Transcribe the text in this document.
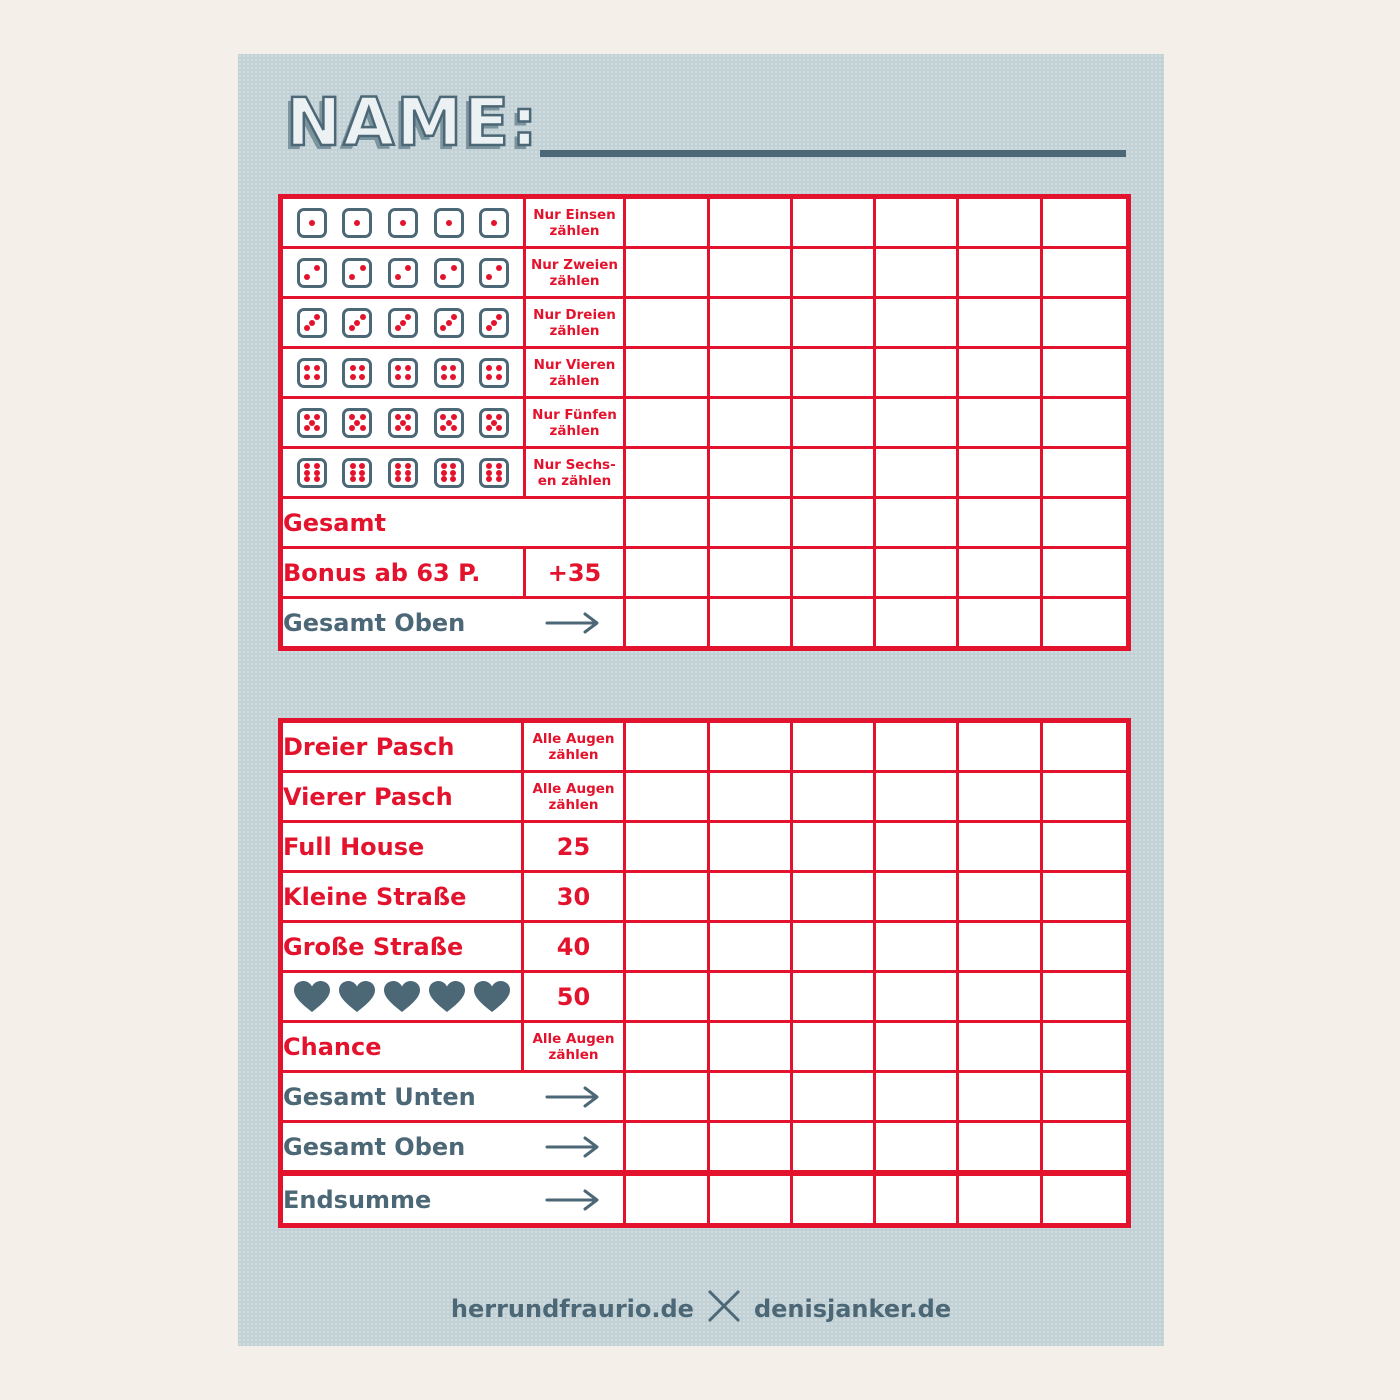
NAME:
	Nur Einsen zählen						

	Nur Zweien zählen						

	Nur Dreien zählen						

	Nur Vieren zählen						

	Nur Fünfen zählen						

	Nur Sechs- en zählen						
Gesamt							
Bonus ab 63 P.	+35						

Gesamt Oben							

Dreier Pasch	Alle Augen zählen						
Vierer Pasch	Alle Augen zählen						
Full House	25						
Kleine Straße	30						
Große Straße	40						

	50						
Chance	Alle Augen zählen						

Gesamt Unten							

Gesamt Oben							

Endsumme							

herrundfraurio.de	denisjanker.de
